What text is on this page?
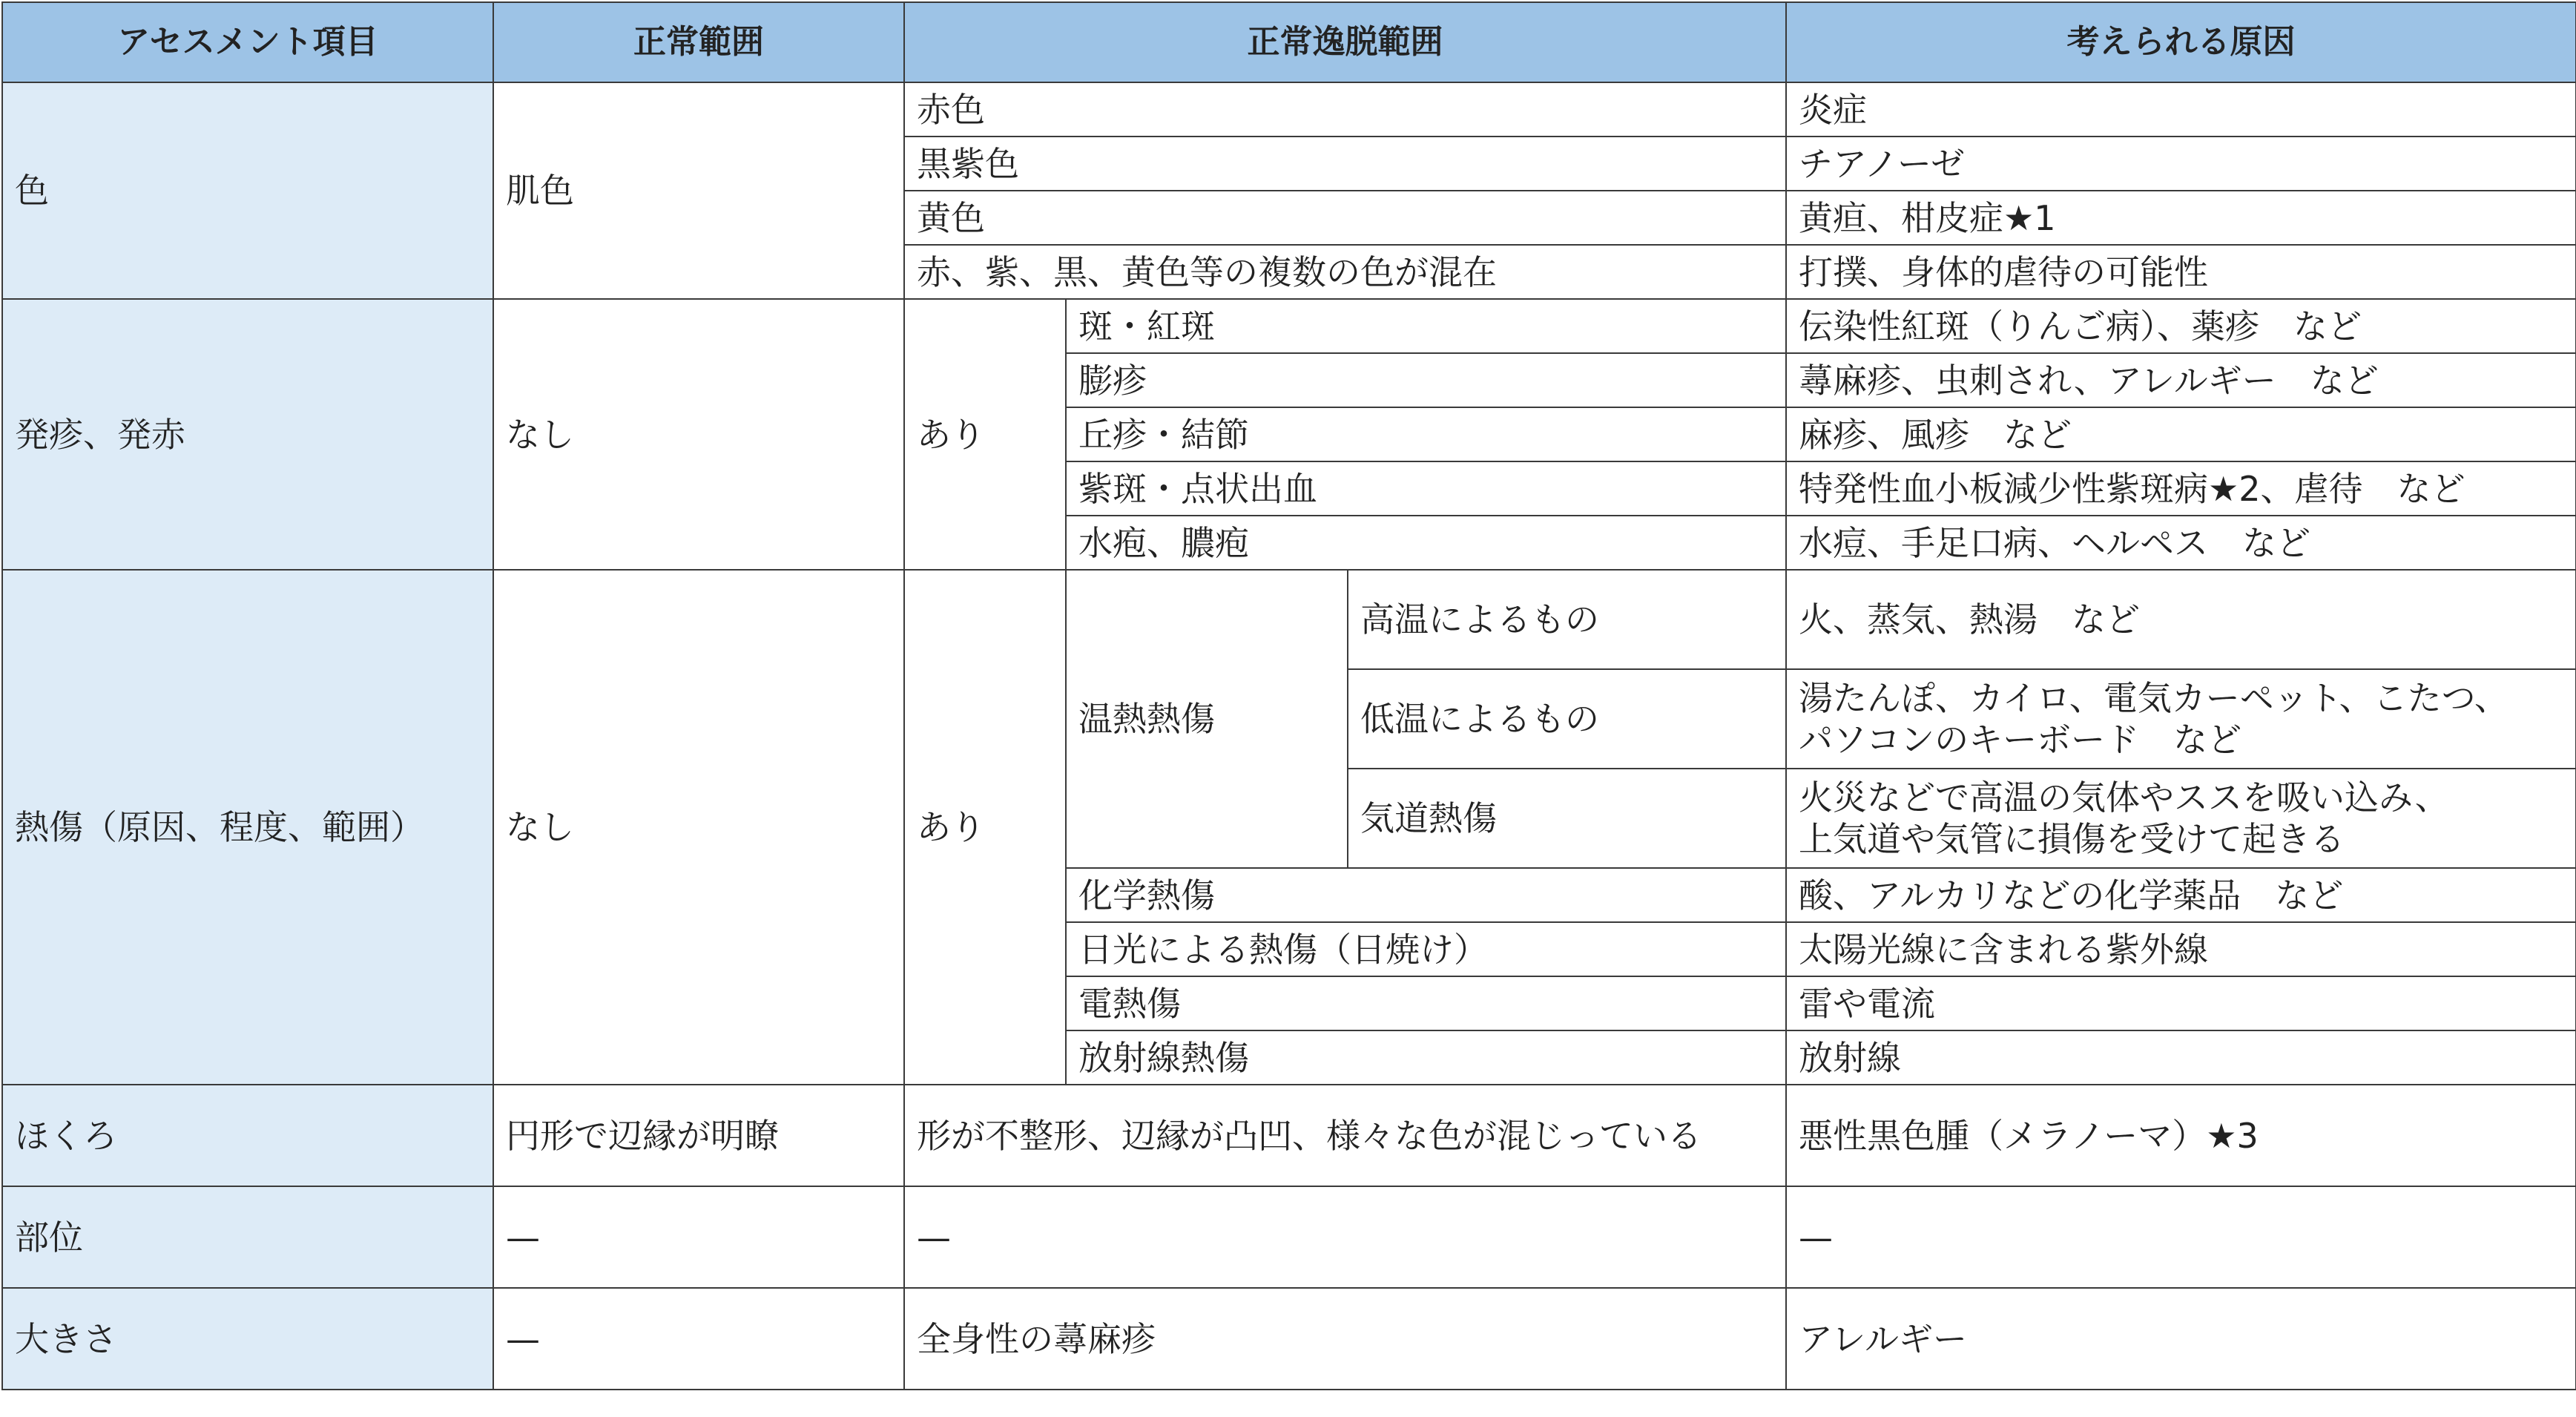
アセスメント項目	正常範囲	正常逸脱範囲			考えられる原因
色	肌色	赤色			炎症
		黒紫色			チアノーゼ
		黄色			黄疸、柑皮症★1
		赤、紫、黒、黄色等の複数の色が混在			打撲、身体的虐待の可能性
発疹、発赤	なし	あり	斑・紅斑		伝染性紅斑（りんご病）、薬疹　など
			膨疹		蕁麻疹、虫刺され、アレルギー　など
			丘疹・結節		麻疹、風疹　など
			紫斑・点状出血		特発性血小板減少性紫斑病★2、虐待　など
			水疱、膿疱		水痘、手足口病、ヘルペス　など
熱傷（原因、程度、範囲）	なし	あり	温熱熱傷	高温によるもの	火、蒸気、熱湯　など

				低温によるもの	湯たんぽ、カイロ、電気カーペット、こたつ、
パソコンのキーボード　など

				気道熱傷	火災などで高温の気体やススを吸い込み、
上気道や気管に損傷を受けて起きる

			化学熱傷		酸、アルカリなどの化学薬品　など
			日光による熱傷（日焼け）		太陽光線に含まれる紫外線
			電熱傷		雷や電流
			放射線熱傷		放射線
ほくろ	円形で辺縁が明瞭	形が不整形、辺縁が凸凹、様々な色が混じっている			悪性黒色腫（メラノーマ）★3
部位	—	—			—
大きさ	—	全身性の蕁麻疹			アレルギー
